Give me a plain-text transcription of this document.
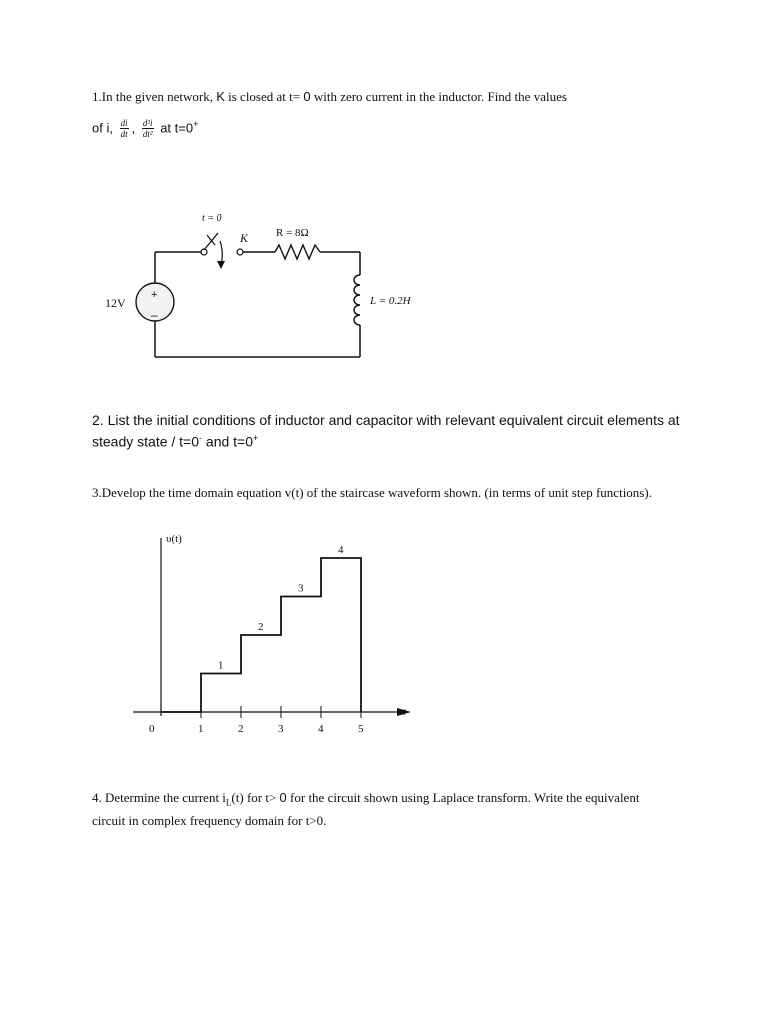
1.In the given network, K is closed at t= 0 with zero current in the inductor. Find the values
of i, $\frac{di}{dt}$ , $\frac{\text{d²i}}{\text{dt²}}$ at t=0+
t = 0
K	R = 8Ω
L = 0.2H
+
–
12V
2. List the initial conditions of inductor and capacitor with relevant equivalent circuit elements at steady state / t=0- and t=0+
3.Develop the time domain equation v(t) of the staircase waveform shown. (in terms of unit step functions).
υ(t)
t
0	1	2	3	4	5
1
2
3
4
4. Determine the current $i_L(t)$ for t> 0 for the circuit shown using Laplace transform. Write the equivalent circuit in complex frequency domain for t>0.
